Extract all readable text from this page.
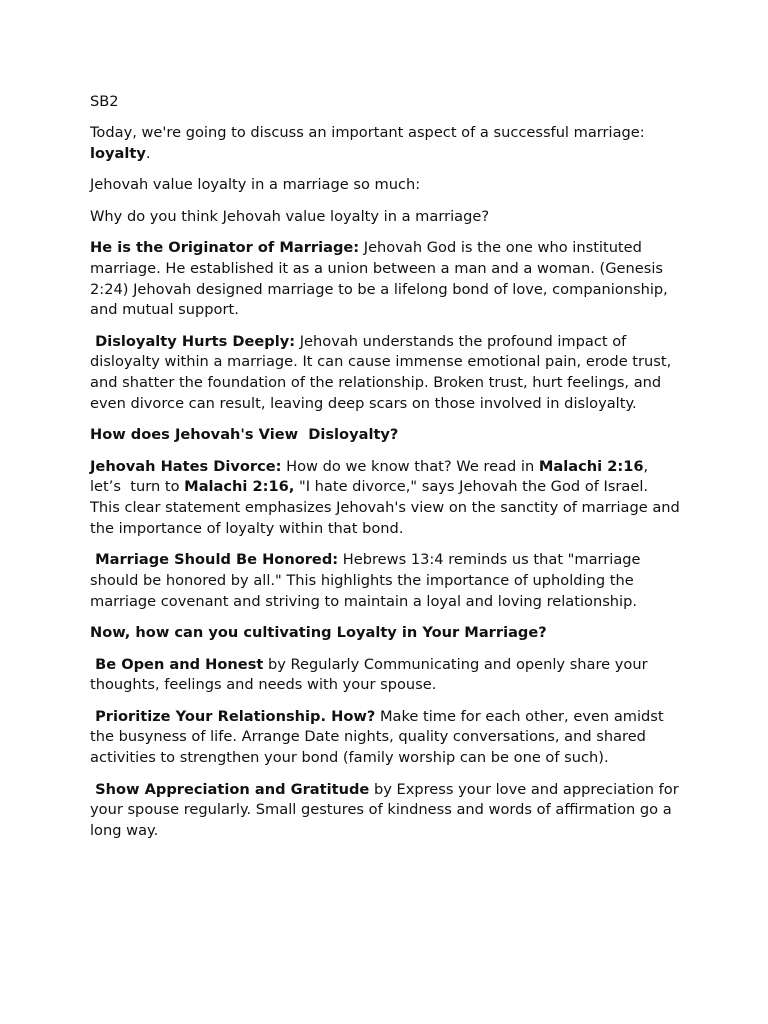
SB2

Today, we're going to discuss an important aspect of a successful marriage: loyalty.

Jehovah value loyalty in a marriage so much:

Why do you think Jehovah value loyalty in a marriage?

He is the Originator of Marriage: Jehovah God is the one who instituted marriage. He established it as a union between a man and a woman. (Genesis 2:24) Jehovah designed marriage to be a lifelong bond of love, companionship, and mutual support.

Disloyalty Hurts Deeply: Jehovah understands the profound impact of disloyalty within a marriage. It can cause immense emotional pain, erode trust, and shatter the foundation of the relationship. Broken trust, hurt feelings, and even divorce can result, leaving deep scars on those involved in disloyalty.

How does Jehovah's View  Disloyalty?

Jehovah Hates Divorce: How do we know that? We read in Malachi 2:16, let’s  turn to Malachi 2:16, "I hate divorce," says Jehovah the God of Israel. This clear statement emphasizes Jehovah's view on the sanctity of marriage and the importance of loyalty within that bond.

Marriage Should Be Honored: Hebrews 13:4 reminds us that "marriage should be honored by all." This highlights the importance of upholding the marriage covenant and striving to maintain a loyal and loving relationship.

Now, how can you cultivating Loyalty in Your Marriage?

Be Open and Honest by Regularly Communicating and openly share your thoughts, feelings and needs with your spouse.

Prioritize Your Relationship. How? Make time for each other, even amidst the busyness of life. Arrange Date nights, quality conversations, and shared activities to strengthen your bond (family worship can be one of such).

Show Appreciation and Gratitude by Express your love and appreciation for your spouse regularly. Small gestures of kindness and words of affirmation go a long way.
